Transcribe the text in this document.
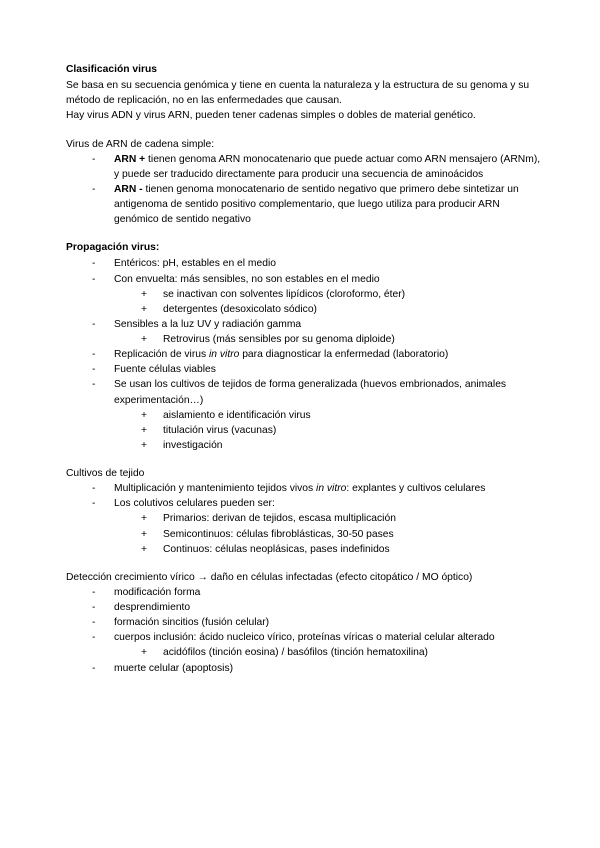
Clasificación virus

Se basa en su secuencia genómica y tiene en cuenta la naturaleza y la estructura de su genoma y su método de replicación, no en las enfermedades que causan.

Hay virus ADN y virus ARN, pueden tener cadenas simples o dobles de material genético.

Virus de ARN de cadena simple:

- ARN + tienen genoma ARN monocatenario que puede actuar como ARN mensajero (ARNm), y puede ser traducido directamente para producir una secuencia de aminoácidos
- ARN - tienen genoma monocatenario de sentido negativo que primero debe sintetizar un antigenoma de sentido positivo complementario, que luego utiliza para producir ARN genómico de sentido negativo
Propagación virus:
- Entéricos: pH, estables en el medio
- Con envuelta: más sensibles, no son estables en el medio
+ se inactivan con solventes lipídicos (cloroformo, éter)
+ detergentes (desoxicolato sódico)
- Sensibles a la luz UV y radiación gamma
+ Retrovirus (más sensibles por su genoma diploide)
- Replicación de virus in vitro para diagnosticar la enfermedad (laboratorio)
- Fuente células viables
- Se usan los cultivos de tejidos de forma generalizada (huevos embrionados, animales experimentación…)
+ aislamiento e identificación virus
+ titulación virus (vacunas)
+ investigación

Cultivos de tejido

- Multiplicación y mantenimiento tejidos vivos in vitro: explantes y cultivos celulares
- Los colutivos celulares pueden ser:
+ Primarios: derivan de tejidos, escasa multiplicación
+ Semicontinuos: células fibroblásticas, 30-50 pases
+ Continuos: células neoplásicas, pases indefinidos

Detección crecimiento vírico → daño en células infectadas (efecto citopático / MO óptico)

- modificación forma
- desprendimiento
- formación sincitios (fusión celular)
- cuerpos inclusión: ácido nucleico vírico, proteínas víricas o material celular alterado
+ acidófilos (tinción eosina) / basófilos (tinción hematoxilina)
- muerte celular (apoptosis)
